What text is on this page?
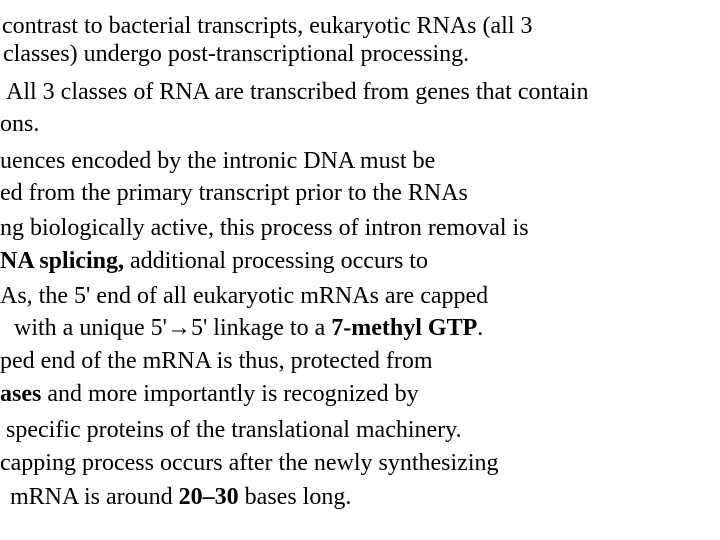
contrast to bacterial transcripts, eukaryotic RNAs (all 3
classes) undergo post-transcriptional processing.
All 3 classes of RNA are transcribed from genes that contain
ons.
uences encoded by the intronic DNA must be
ed from the primary transcript prior to the RNAs
ng biologically active, this process of intron removal is
NA splicing, additional processing occurs to
As, the 5' end of all eukaryotic mRNAs are capped
with a unique 5'→5' linkage to a 7-methyl GTP.
ped end of the mRNA is thus, protected from
ases and more importantly is recognized by
specific proteins of the translational machinery.
capping process occurs after the newly synthesizing
mRNA is around 20–30 bases long.
